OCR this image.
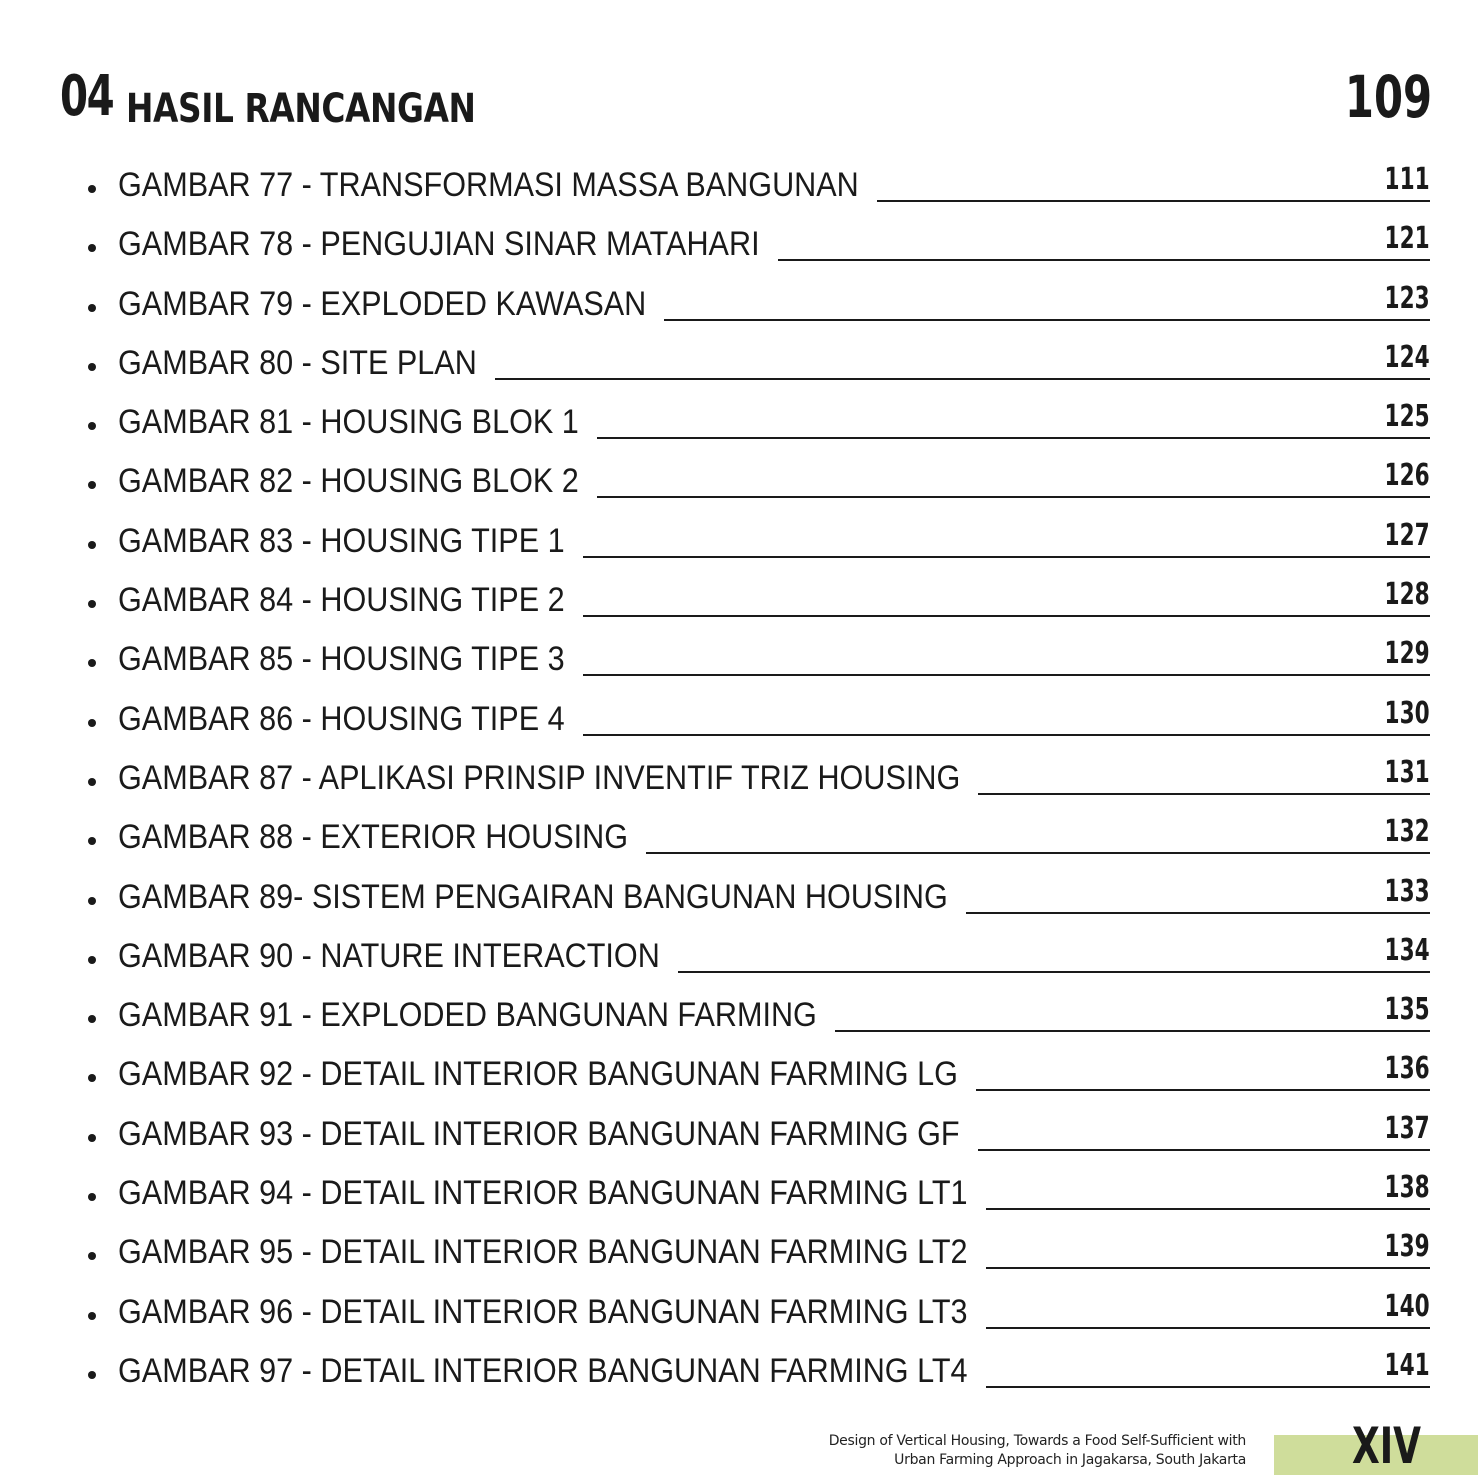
04 HASIL RANCANGAN	109
GAMBAR 77 - TRANSFORMASI MASSA BANGUNAN	111
GAMBAR 78 - PENGUJIAN SINAR MATAHARI	121
GAMBAR 79 - EXPLODED KAWASAN	123
GAMBAR 80 - SITE PLAN	124
GAMBAR 81 - HOUSING BLOK 1	125
GAMBAR 82 - HOUSING BLOK 2	126
GAMBAR 83 - HOUSING TIPE 1	127
GAMBAR 84 - HOUSING TIPE 2	128
GAMBAR 85 - HOUSING TIPE 3	129
GAMBAR 86 - HOUSING TIPE 4	130
GAMBAR 87 - APLIKASI PRINSIP INVENTIF TRIZ HOUSING	131
GAMBAR 88 - EXTERIOR HOUSING	132
GAMBAR 89- SISTEM PENGAIRAN BANGUNAN HOUSING	133
GAMBAR 90 - NATURE INTERACTION	134
GAMBAR 91 - EXPLODED BANGUNAN FARMING	135
GAMBAR 92 - DETAIL INTERIOR BANGUNAN FARMING LG	136
GAMBAR 93 - DETAIL INTERIOR BANGUNAN FARMING GF	137
GAMBAR 94 - DETAIL INTERIOR BANGUNAN FARMING LT1	138
GAMBAR 95 - DETAIL INTERIOR BANGUNAN FARMING LT2	139
GAMBAR 96 - DETAIL INTERIOR BANGUNAN FARMING LT3	140
GAMBAR 97 - DETAIL INTERIOR BANGUNAN FARMING LT4	141
Design of Vertical Housing, Towards a Food Self-Sufficient with
Urban Farming Approach in Jagakarsa, South Jakarta XIV
